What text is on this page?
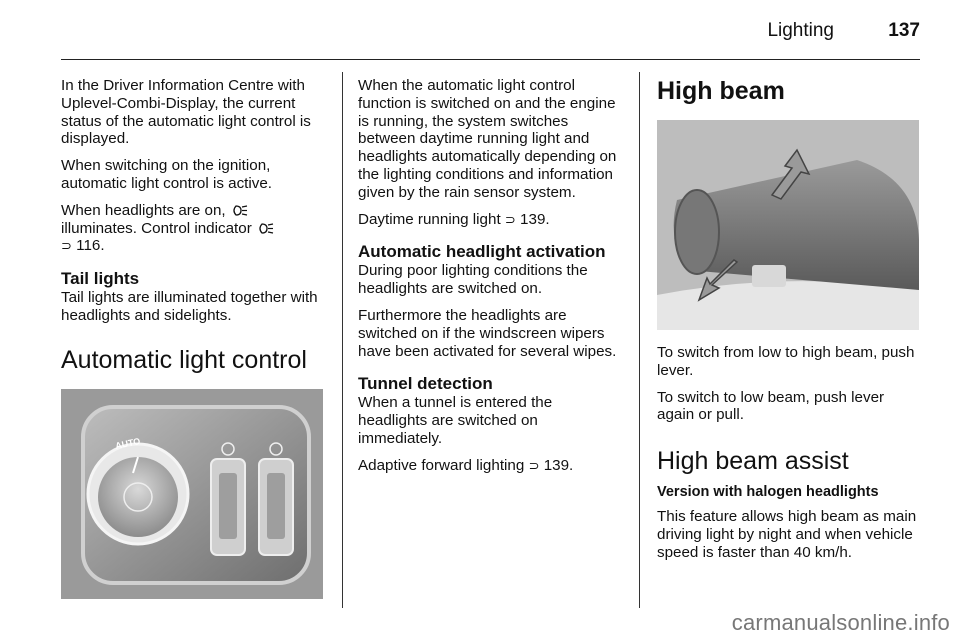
Lighting	137

In the Driver Information Centre with Uplevel-Combi-Display, the current status of the automatic light control is displayed.

When switching on the ignition, automatic light control is active.

When headlights are on,
illuminates. Control indicator
⊃ 116.

Tail lights

Tail lights are illuminated together with headlights and sidelights.

Automatic light control
AUTO

When the automatic light control function is switched on and the engine is running, the system switches between daytime running light and headlights automatically depending on the lighting conditions and information given by the rain sensor system.

Daytime running light ⊃ 139.

Automatic headlight activation

During poor lighting conditions the headlights are switched on.

Furthermore the headlights are switched on if the windscreen wipers have been activated for several wipes.

Tunnel detection

When a tunnel is entered the headlights are switched on immediately.

Adaptive forward lighting ⊃ 139.

High beam

To switch from low to high beam, push lever.

To switch to low beam, push lever again or pull.

High beam assist
Version with halogen headlights

This feature allows high beam as main driving light by night and when vehicle speed is faster than 40 km/h.

carmanualsonline.info
